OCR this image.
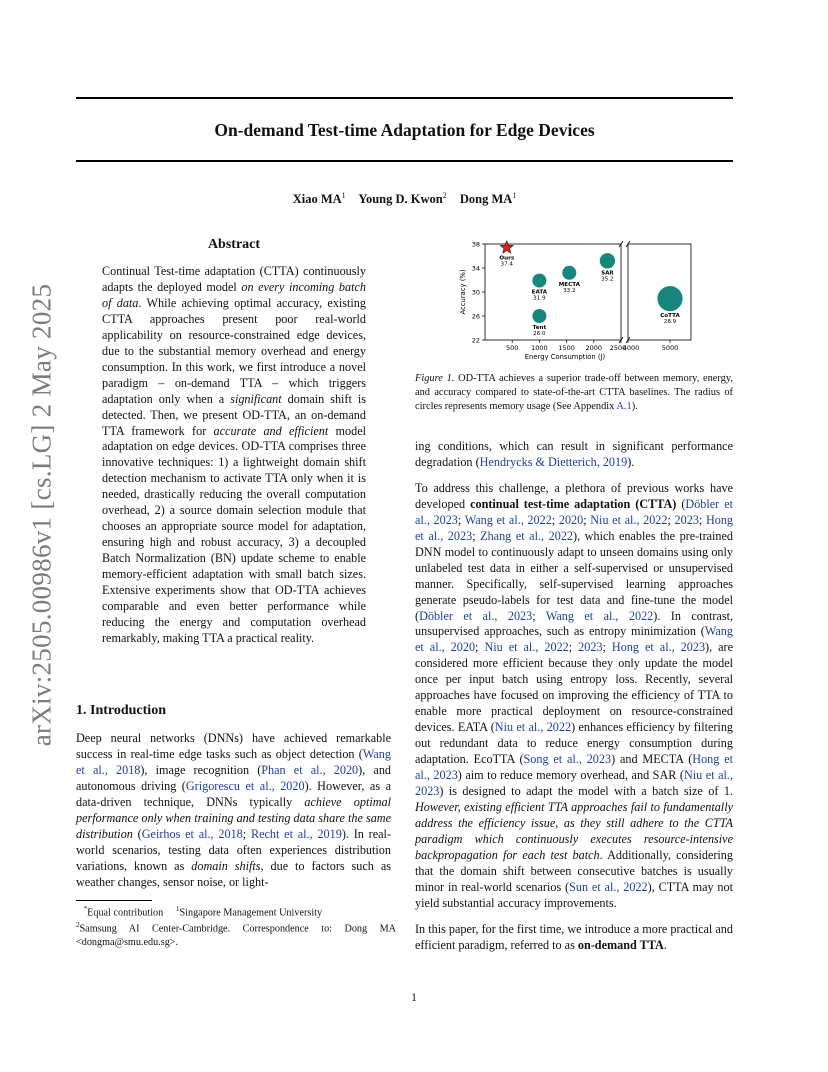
arXiv:2505.00986v1 [cs.LG] 2 May 2025
On-demand Test-time Adaptation for Edge Devices
Xiao $MA^1$ Young D. Kwon$^2$ Dong $MA^1$
Abstract

Continual Test-time adaptation (CTTA) continuously adapts the deployed model on every incoming batch of data. While achieving optimal accuracy, existing CTTA approaches present poor real-world applicability on resource-constrained edge devices, due to the substantial memory overhead and energy consumption. In this work, we first introduce a novel paradigm – on-demand TTA – which triggers adaptation only when a significant domain shift is detected. Then, we present OD-TTA, an on-demand TTA framework for accurate and efficient model adaptation on edge devices. OD-TTA comprises three innovative techniques: 1) a lightweight domain shift detection mechanism to activate TTA only when it is needed, drastically reducing the overall computation overhead, 2) a source domain selection module that chooses an appropriate source model for adaptation, ensuring high and robust accuracy, 3) a decoupled Batch Normalization (BN) update scheme to enable memory-efficient adaptation with small batch sizes. Extensive experiments show that OD-TTA achieves comparable and even better performance while reducing the energy and computation overhead remarkably, making TTA a practical reality.

1. Introduction

Deep neural networks (DNNs) have achieved remarkable success in real-time edge tasks such as object detection (Wang et al., 2018), image recognition (Phan et al., 2020), and autonomous driving (Grigorescu et al., 2020). However, as a data-driven technique, DNNs typically achieve optimal performance only when training and testing data share the same distribution (Geirhos et al., 2018; Recht et al., 2019). In real-world scenarios, testing data often experiences distribution variations, known as domain shifts, due to factors such as weather changes, sensor noise, or light-

*Equal contribution $^1$Singapore Management University
$^2$Samsung AI Center-Cambridge. Correspondence to: Dong MA <dongma@smu.edu.sg>.
22
26
30
34
38
500 1000 1500 2000 2500
4000	5000
Energy Consumption (J)
Accuracy (%)
Ours
37.4
EATA
31.9
MECTA
33.2
SAR
35.2
Tent
26.0
CoTTA
28.9
Figure 1. OD-TTA achieves a superior trade-off between memory, energy, and accuracy compared to state-of-the-art CTTA baselines. The radius of circles represents memory usage (See Appendix A.1).

ing conditions, which can result in significant performance degradation (Hendrycks & Dietterich, 2019).

To address this challenge, a plethora of previous works have developed continual test-time adaptation (CTTA) (Döbler et al., 2023; Wang et al., 2022; 2020; Niu et al., 2022; 2023; Hong et al., 2023; Zhang et al., 2022), which enables the pre-trained DNN model to continuously adapt to unseen domains using only unlabeled test data in either a self-supervised or unsupervised manner. Specifically, self-supervised learning approaches generate pseudo-labels for test data and fine-tune the model (Döbler et al., 2023; Wang et al., 2022). In contrast, unsupervised approaches, such as entropy minimization (Wang et al., 2020; Niu et al., 2022; 2023; Hong et al., 2023), are considered more efficient because they only update the model once per input batch using entropy loss. Recently, several approaches have focused on improving the efficiency of TTA to enable more practical deployment on resource-constrained devices. EATA (Niu et al., 2022) enhances efficiency by filtering out redundant data to reduce energy consumption during adaptation. EcoTTA (Song et al., 2023) and MECTA (Hong et al., 2023) aim to reduce memory overhead, and SAR (Niu et al., 2023) is designed to adapt the model with a batch size of 1. However, existing efficient TTA approaches fail to fundamentally address the efficiency issue, as they still adhere to the CTTA paradigm which continuously executes resource-intensive backpropagation for each test batch. Additionally, considering that the domain shift between consecutive batches is usually minor in real-world scenarios (Sun et al., 2022), CTTA may not yield substantial accuracy improvements.

In this paper, for the first time, we introduce a more practical and efficient paradigm, referred to as on-demand TTA.

1
